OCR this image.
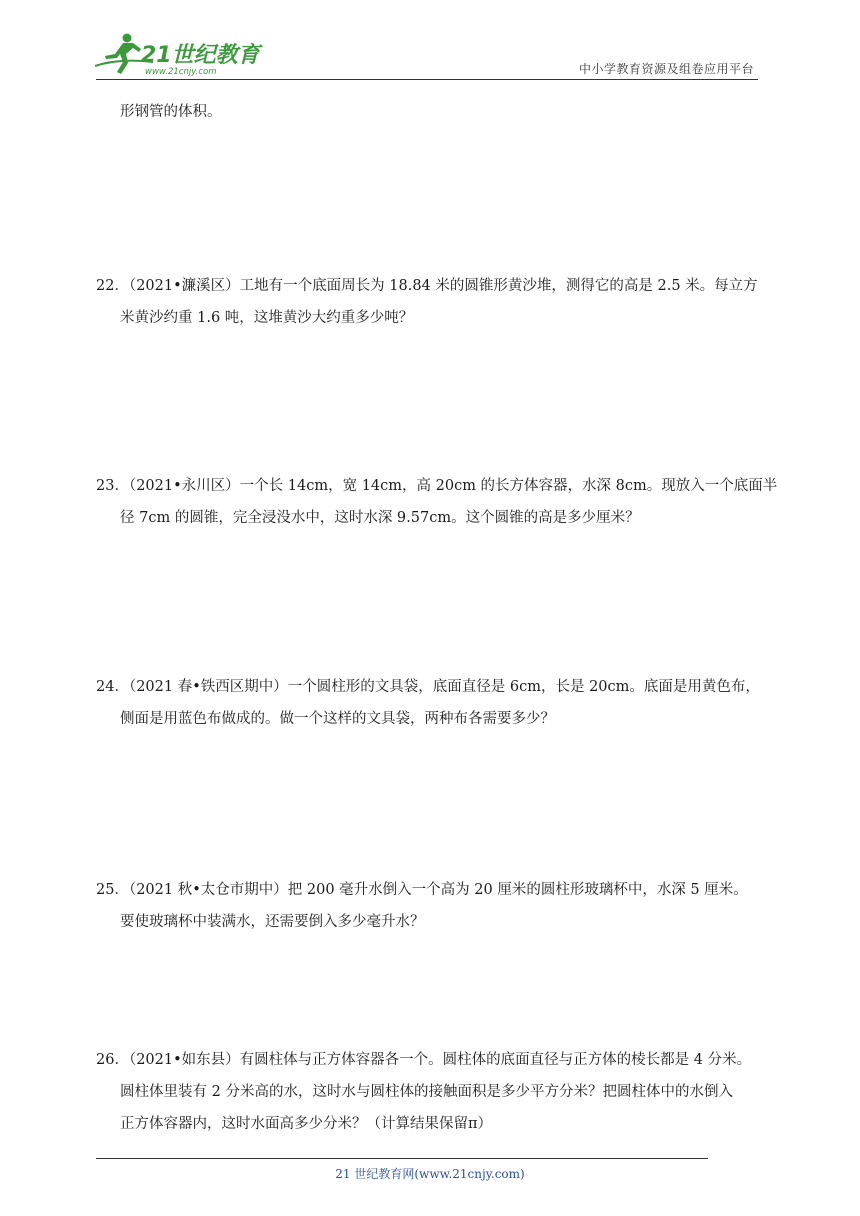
21世纪教育
www.21cnjy.com	中小学教育资源及组卷应用平台
形钢管的体积。
22．（2021•濂溪区）工地有一个底面周长为 18.84 米的圆锥形黄沙堆，测得它的高是 2.5 米。每立方
米黄沙约重 1.6 吨，这堆黄沙大约重多少吨？
23．（2021•永川区）一个长 14cm，宽 14cm，高 20cm 的长方体容器，水深 8cm。现放入一个底面半
径 7cm 的圆锥，完全浸没水中，这时水深 9.57cm。这个圆锥的高是多少厘米？
24．（2021 春•铁西区期中）一个圆柱形的文具袋，底面直径是 6cm，长是 20cm。底面是用黄色布，
侧面是用蓝色布做成的。做一个这样的文具袋，两种布各需要多少？
25．（2021 秋•太仓市期中）把 200 毫升水倒入一个高为 20 厘米的圆柱形玻璃杯中，水深 5 厘米。
要使玻璃杯中装满水，还需要倒入多少毫升水？
26．（2021•如东县）有圆柱体与正方体容器各一个。圆柱体的底面直径与正方体的棱长都是 4 分米。
圆柱体里装有 2 分米高的水，这时水与圆柱体的接触面积是多少平方分米？把圆柱体中的水倒入
正方体容器内，这时水面高多少分米？（计算结果保留π）
21 世纪教育网(www.21cnjy.com)
